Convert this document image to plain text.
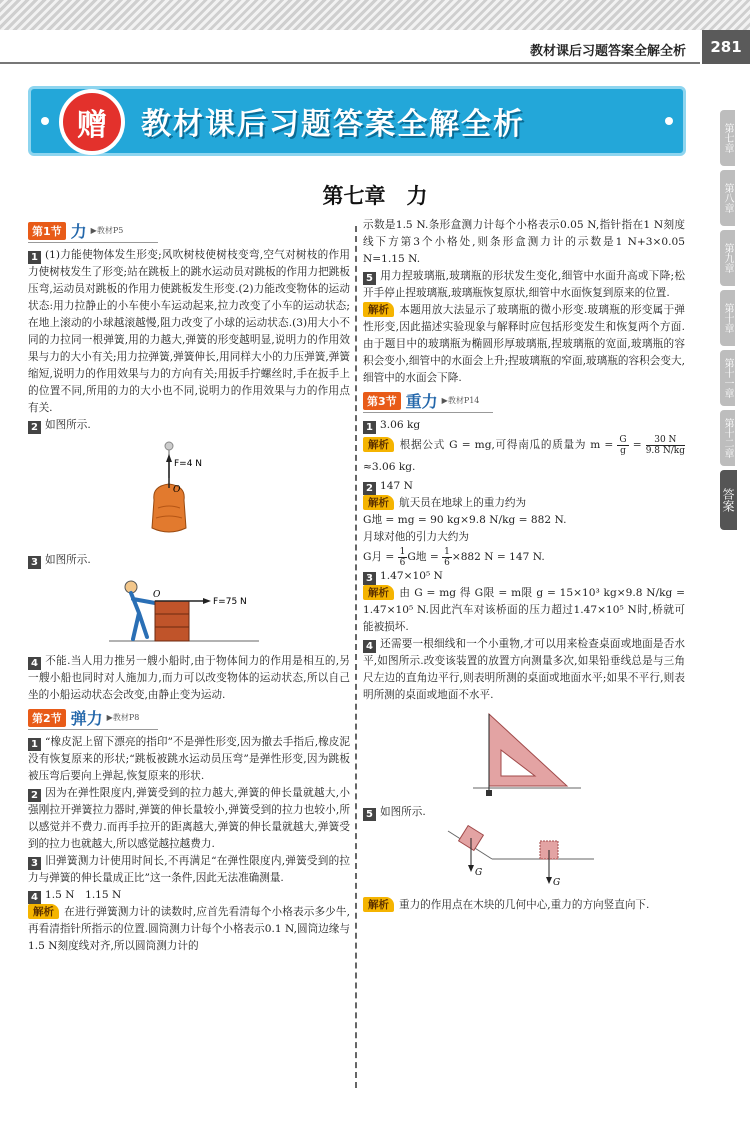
教材课后习题答案全解全析	281
第七章
第八章
第九章
第十章
第十一章
第十二章
答案
赠	教材课后习题答案全解全析
第七章　力
第1节 力 ▶教材P5

1 (1)力能使物体发生形变;风吹树枝使树枝变弯,空气对树枝的作用力使树枝发生了形变;站在跳板上的跳水运动员对跳板的作用力把跳板压弯,运动员对跳板的作用力使跳板发生形变.(2)力能改变物体的运动状态:用力拉静止的小车使小车运动起来,拉力改变了小车的运动状态;在地上滚动的小球越滚越慢,阻力改变了小球的运动状态.(3)用大小不同的力拉同一根弹簧,用的力越大,弹簧的形变越明显,说明力的作用效果与力的大小有关;用力拉弹簧,弹簧伸长,用同样大小的力压弹簧,弹簧缩短,说明力的作用效果与力的方向有关;用扳手拧螺丝时,手在扳手上的位置不同,所用的力的大小也不同,说明力的作用效果与力的作用点有关.

2 如图所示.

F=4 N
O

3 如图所示.

F=75 N
O

4 不能.当人用力推另一艘小船时,由于物体间力的作用是相互的,另一艘小船也同时对人施加力,而力可以改变物体的运动状态,所以自己坐的小船运动状态会改变,由静止变为运动.

第2节 弹力 ▶教材P8

1 “橡皮泥上留下漂亮的指印”不是弹性形变,因为撤去手指后,橡皮泥没有恢复原来的形状;“跳板被跳水运动员压弯”是弹性形变,因为跳板被压弯后要向上弹起,恢复原来的形状.

2 因为在弹性限度内,弹簧受到的拉力越大,弹簧的伸长量就越大,小强刚拉开弹簧拉力器时,弹簧的伸长量较小,弹簧受到的拉力也较小,所以感觉并不费力.而再手拉开的距离越大,弹簧的伸长量就越大,弹簧受到的拉力也就越大,所以感觉越拉越费力.

3 旧弹簧测力计使用时间长,不再满足“在弹性限度内,弹簧受到的拉力与弹簧的伸长量成正比”这一条件,因此无法准确测量.

4 1.5 N　1.15 N

解析 在进行弹簧测力计的读数时,应首先看清每个小格表示多少牛,再看清指针所指示的位置.圆筒测力计每个小格表示0.1 N,圆筒边缘与1.5 N刻度线对齐,所以圆筒测力计的

示数是1.5 N.条形盒测力计每个小格表示0.05 N,指针指在1 N刻度线下方第3个小格处,则条形盒测力计的示数是1 N+3×0.05 N=1.15 N.

5 用力捏玻璃瓶,玻璃瓶的形状发生变化,细管中水面升高或下降;松开手停止捏玻璃瓶,玻璃瓶恢复原状,细管中水面恢复到原来的位置.

解析 本题用放大法显示了玻璃瓶的微小形变.玻璃瓶的形变属于弹性形变,因此描述实验现象与解释时应包括形变发生和恢复两个方面.由于题目中的玻璃瓶为椭圆形厚玻璃瓶,捏玻璃瓶的宽面,玻璃瓶的容积会变小,细管中的水面会上升;捏玻璃瓶的窄面,玻璃瓶的容积会变大,细管中的水面会下降.

第3节 重力 ▶教材P14

1 3.06 kg

解析 根据公式 G = mg,可得南瓜的质量为 $m = \frac{G}{g} = \frac{30 N}{9.8 N/kg}$
≈3.06 kg.

2 147 N

解析 航天员在地球上的重力约为

G地 = mg = 90 kg×9.8 N/kg = 882 N.

月球对他的引力大约为

G月 = $\frac{1}{6}$ G地 = $\frac{1}{6} \times 882$ N = 147 N.

3 1.47×10⁵ N

解析 由 G = mg 得 G限 = m限 g = 15×10³ kg×9.8 N/kg = 1.47×10⁵ N.因此汽车对该桥面的压力超过1.47×10⁵ N时,桥就可能被损坏.

4 还需要一根细线和一个小重物,才可以用来检查桌面或地面是否水平,如图所示.改变该装置的放置方向测量多次,如果铅垂线总是与三角尺左边的直角边平行,则表明所测的桌面或地面水平;如果不平行,则表明所测的桌面或地面不水平.

5 如图所示.

G
G

解析 重力的作用点在木块的几何中心,重力的方向竖直向下.
